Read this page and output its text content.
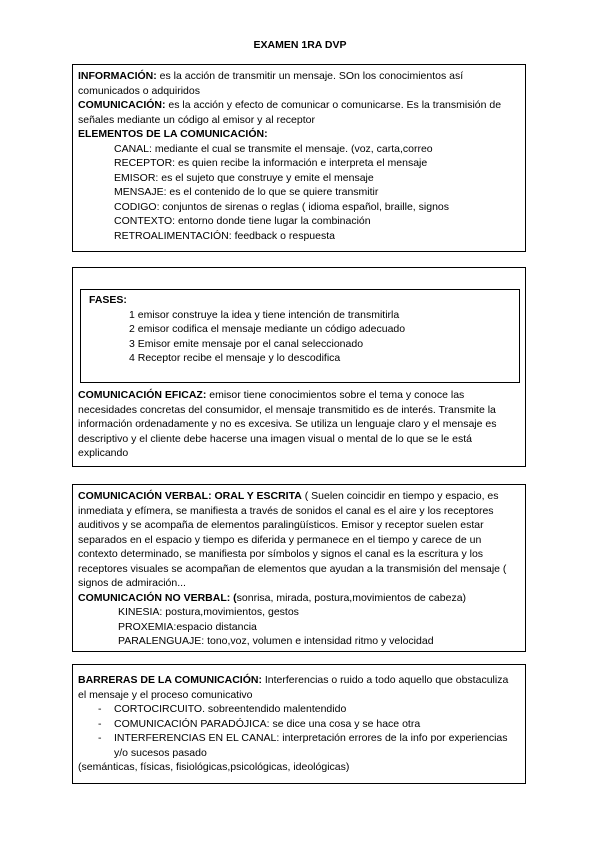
EXAMEN 1RA DVP

INFORMACIÓN: es la acción de transmitir un mensaje. SOn los conocimientos así comunicados o adquiridos

COMUNICACIÓN: es la acción y efecto de comunicar o comunicarse. Es la transmisión de señales mediante un código al emisor y al receptor

ELEMENTOS DE LA COMUNICACIÓN:

CANAL: mediante el cual se transmite el mensaje. (voz, carta,correo

RECEPTOR: es quien recibe la información e interpreta el mensaje

EMISOR: es el sujeto que construye y emite el mensaje

MENSAJE: es el contenido de lo que se quiere transmitir

CODIGO: conjuntos de sirenas o reglas ( idioma español, braille, signos

CONTEXTO: entorno donde tiene lugar la combinación

RETROALIMENTACIÓN: feedback o respuesta

FASES:

1 emisor construye la idea y tiene intención de transmitirla

2 emisor codifica el mensaje mediante un código adecuado

3 Emisor emite mensaje por el canal seleccionado

4 Receptor recibe el mensaje y lo descodifica

COMUNICACIÓN EFICAZ: emisor tiene conocimientos sobre el tema y conoce las necesidades concretas del consumidor, el mensaje transmitido es de interés. Transmite la información ordenadamente y no es excesiva. Se utiliza un lenguaje claro y el mensaje es descriptivo y el cliente debe hacerse una imagen visual o mental de lo que se le está explicando

COMUNICACIÓN VERBAL: ORAL Y ESCRITA ( Suelen coincidir en tiempo y espacio, es inmediata y efímera, se manifiesta a través de sonidos el canal es el aire y los receptores auditivos y se acompaña de elementos paralingüísticos. Emisor y receptor suelen estar separados en el espacio y tiempo es diferida y permanece en el tiempo y carece de un contexto determinado, se manifiesta por símbolos y signos el canal es la escritura y los receptores visuales se acompañan de elementos que ayudan a la transmisión del mensaje ( signos de admiración...

COMUNICACIÓN NO VERBAL: (sonrisa, mirada, postura,movimientos de cabeza)

KINESIA: postura,movimientos, gestos

PROXEMIA:espacio distancia

PARALENGUAJE: tono,voz, volumen e intensidad ritmo y velocidad

BARRERAS DE LA COMUNICACIÓN: Interferencias o ruido a todo aquello que obstaculiza el mensaje y el proceso comunicativo

- CORTOCIRCUITO. sobreentendido malentendido
- COMUNICACIÓN PARADÓJICA: se dice una cosa y se hace otra
- INTERFERENCIAS EN EL CANAL: interpretación errores de la info por experiencias y/o sucesos pasado

(semánticas, físicas, fisiológicas,psicológicas, ideológicas)
